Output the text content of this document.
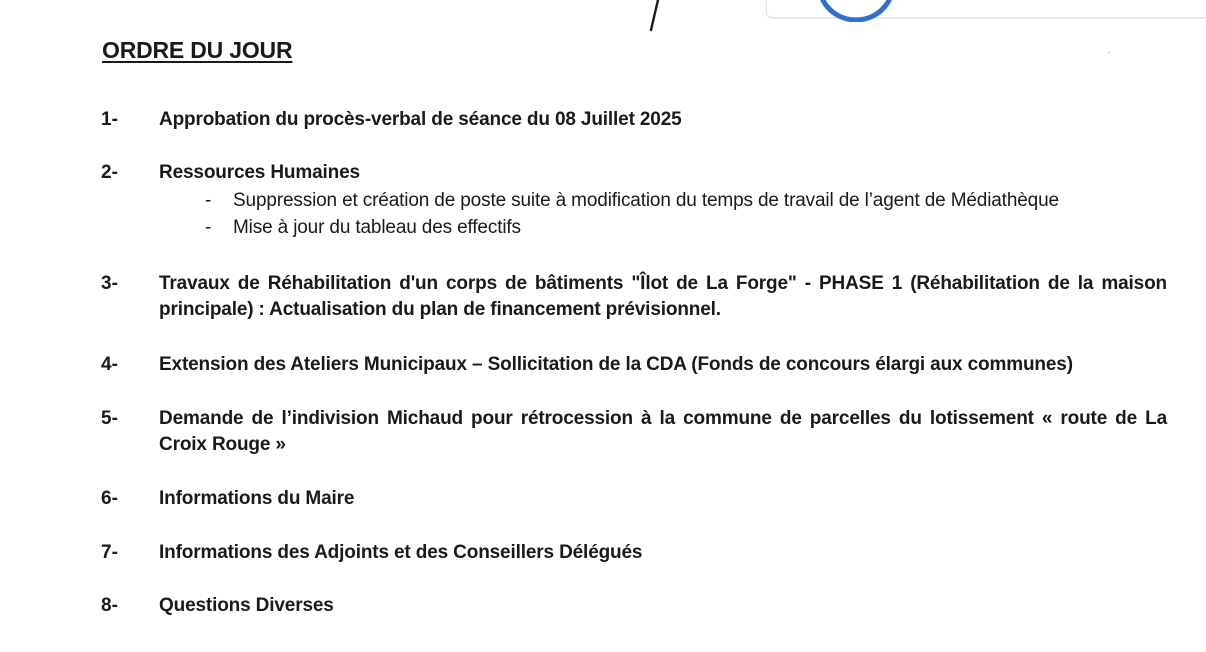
ORDRE DU JOUR
1- Approbation du procès-verbal de séance du 08 Juillet 2025
2- Ressources Humaines
- Suppression et création de poste suite à modification du temps de travail de l’agent de Médiathèque
- Mise à jour du tableau des effectifs
3- Travaux de Réhabilitation d'un corps de bâtiments "Îlot de La Forge" - PHASE 1 (Réhabilitation de la maison principale) : Actualisation du plan de financement prévisionnel.
4- Extension des Ateliers Municipaux – Sollicitation de la CDA (Fonds de concours élargi aux communes)
5- Demande de l’indivision Michaud pour rétrocession à la commune de parcelles du lotissement « route de La Croix Rouge »
6- Informations du Maire
7- Informations des Adjoints et des Conseillers Délégués
8- Questions Diverses
